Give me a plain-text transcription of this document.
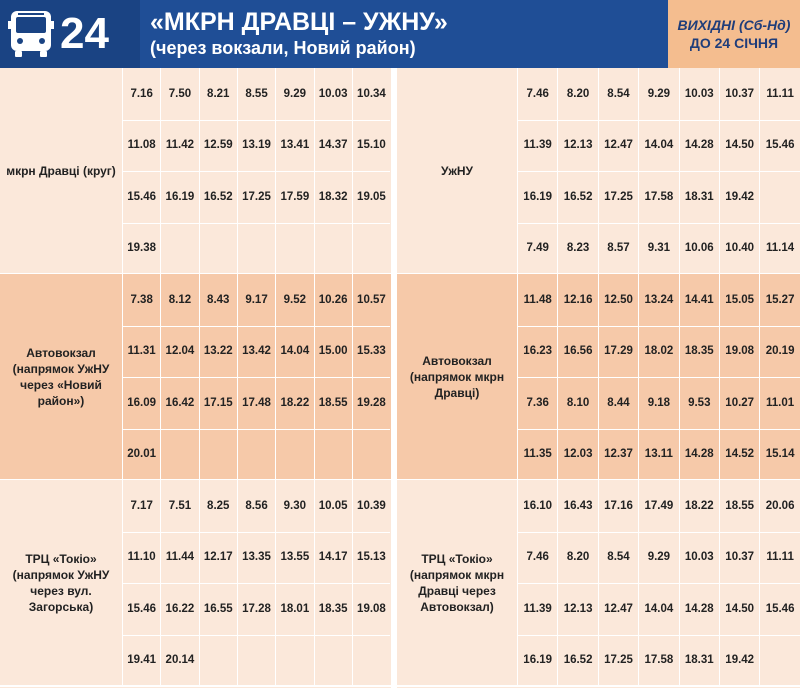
24 «МКРН ДРАВЦІ – УЖНУ»
(через вокзали, Новий район)
ВИХІДНІ (Сб-Нд)
ДО 24 СІЧНЯ
мкрн Дравці (круг)
7.16	7.50	8.21	8.55	9.29	10.03 10.34
11.08 11.42 12.59 13.19 13.41 14.37 15.10
15.46 16.19 16.52 17.25 17.59 18.32 19.05
19.38
Автовокзал (напрямок УжНУ через «Новий район»)
7.38	8.12	8.43	9.17	9.52	10.26 10.57
11.31 12.04 13.22 13.42 14.04 15.00 15.33
16.09 16.42 17.15 17.48 18.22 18.55 19.28
20.01
ТРЦ «Токіо» (напрямок УжНУ через вул. Загорська)
7.17	7.51	8.25	8.56	9.30	10.05 10.39
11.10 11.44 12.17 13.35 13.55 14.17 15.13
15.46 16.22 16.55 17.28 18.01 18.35 19.08
19.41 20.14
УжНУ
7.46	8.20	8.54	9.29	10.03	10.37	11.11
11.39	12.13	12.47	14.04	14.28	14.50	15.46
16.19	16.52	17.25	17.58	18.31	19.42
7.49	8.23	8.57	9.31	10.06	10.40	11.14
Автовокзал (напрямок мкрн Дравці)
11.48	12.16	12.50	13.24	14.41	15.05	15.27
16.23	16.56	17.29	18.02	18.35	19.08	20.19
7.36	8.10	8.44	9.18	9.53	10.27	11.01
11.35	12.03	12.37	13.11	14.28	14.52	15.14
ТРЦ «Токіо» (напрямок мкрн Дравці через Автовокзал)
16.10	16.43	17.16	17.49	18.22	18.55	20.06
7.46	8.20	8.54	9.29	10.03	10.37	11.11
11.39	12.13	12.47	14.04	14.28	14.50	15.46
16.19	16.52	17.25	17.58	18.31	19.42
